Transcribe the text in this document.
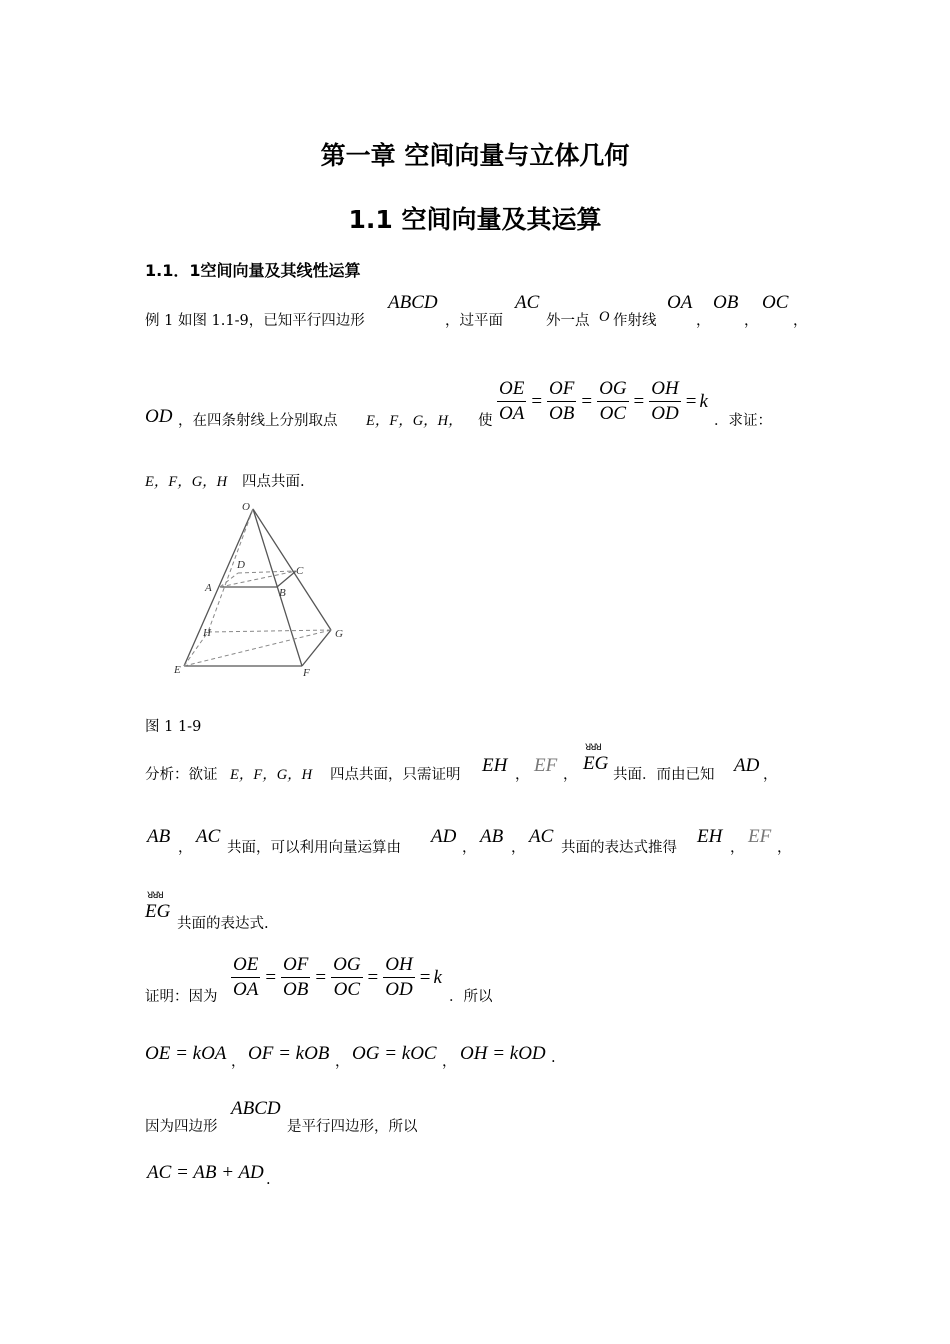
第一章 空间向量与立体几何
1.1 空间向量及其运算
1.1．1空间向量及其线性运算
例 1 如图 1.1-9，已知平行四边形
ABCD
，过平面
AC
外一点 O 作射线
OA
，
OB
，
OC
，
OD ，在四条射线上分别取点 E，F，G，H， 使 $\frac{OE}{OA} = \frac{OF}{OB} = \frac{OG}{OC} = \frac{OH}{OD} = k$
．求证：
E，F，G，H 四点共面.
O
D	C
A	B
H	G
E	F
图 1 1-9
分析：欲证 E，F，G，H 四点共面，只需证明 EH ， EF ，
ꓤꓤꓤ
EG
共面．而由已知 AD ，
AB
，
AC
共面，可以利用向量运算由
AD
，
AB
，
AC
共面的表达式推得
EH
，
EF
，
ꓤꓤꓤ
EG
共面的表达式.
证明：因为 $\frac{OE}{OA} = \frac{OF}{OB} = \frac{OG}{OC} = \frac{OH}{OD} = k$
．所以
OE = kOA ， OF = kOB ， OG = kOC ， OH = kOD .
因为四边形
ABCD
是平行四边形，所以
AC = AB + AD .
